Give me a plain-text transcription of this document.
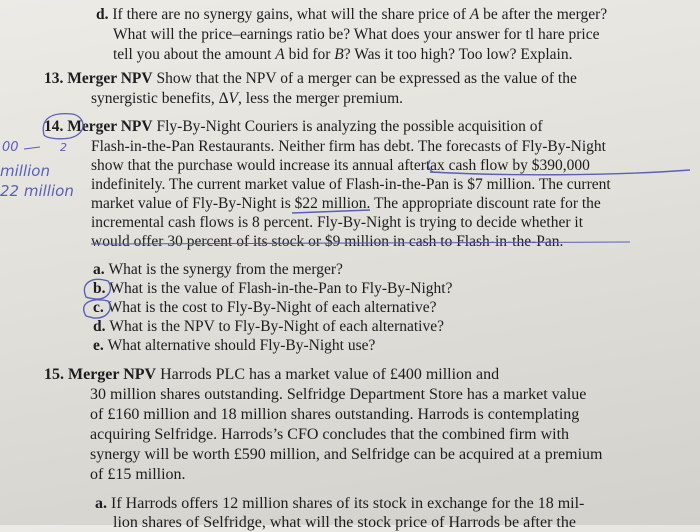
d. If there are no synergy gains, what will the share price of A be after the merger?
What will the price–earnings ratio be? What does your answer for tl hare price
tell you about the amount A bid for B? Was it too high? Too low? Explain.
13. Merger NPV Show that the NPV of a merger can be expressed as the value of the
synergistic benefits, ΔV, less the merger premium.
14. Merger NPV Fly-By-Night Couriers is analyzing the possible acquisition of
Flash-in-the-Pan Restaurants. Neither firm has debt. The forecasts of Fly-By-Night
show that the purchase would increase its annual aftertax cash flow by $390,000
indefinitely. The current market value of Flash-in-the-Pan is $7 million. The current
market value of Fly-By-Night is $22 million. The appropriate discount rate for the
incremental cash flows is 8 percent. Fly-By-Night is trying to decide whether it
would offer 30 percent of its stock or $9 million in cash to Flash-in-the-Pan.
a. What is the synergy from the merger?
b. What is the value of Flash-in-the-Pan to Fly-By-Night?
c. What is the cost to Fly-By-Night of each alternative?
d. What is the NPV to Fly-By-Night of each alternative?
e. What alternative should Fly-By-Night use?
15. Merger NPV Harrods PLC has a market value of £400 million and
30 million shares outstanding. Selfridge Department Store has a market value
of £160 million and 18 million shares outstanding. Harrods is contemplating
acquiring Selfridge. Harrods’s CFO concludes that the combined firm with
synergy will be worth £590 million, and Selfridge can be acquired at a premium
of £15 million.
a. If Harrods offers 12 million shares of its stock in exchange for the 18 mil-
lion shares of Selfridge, what will the stock price of Harrods be after the
00	2
million
22 million
